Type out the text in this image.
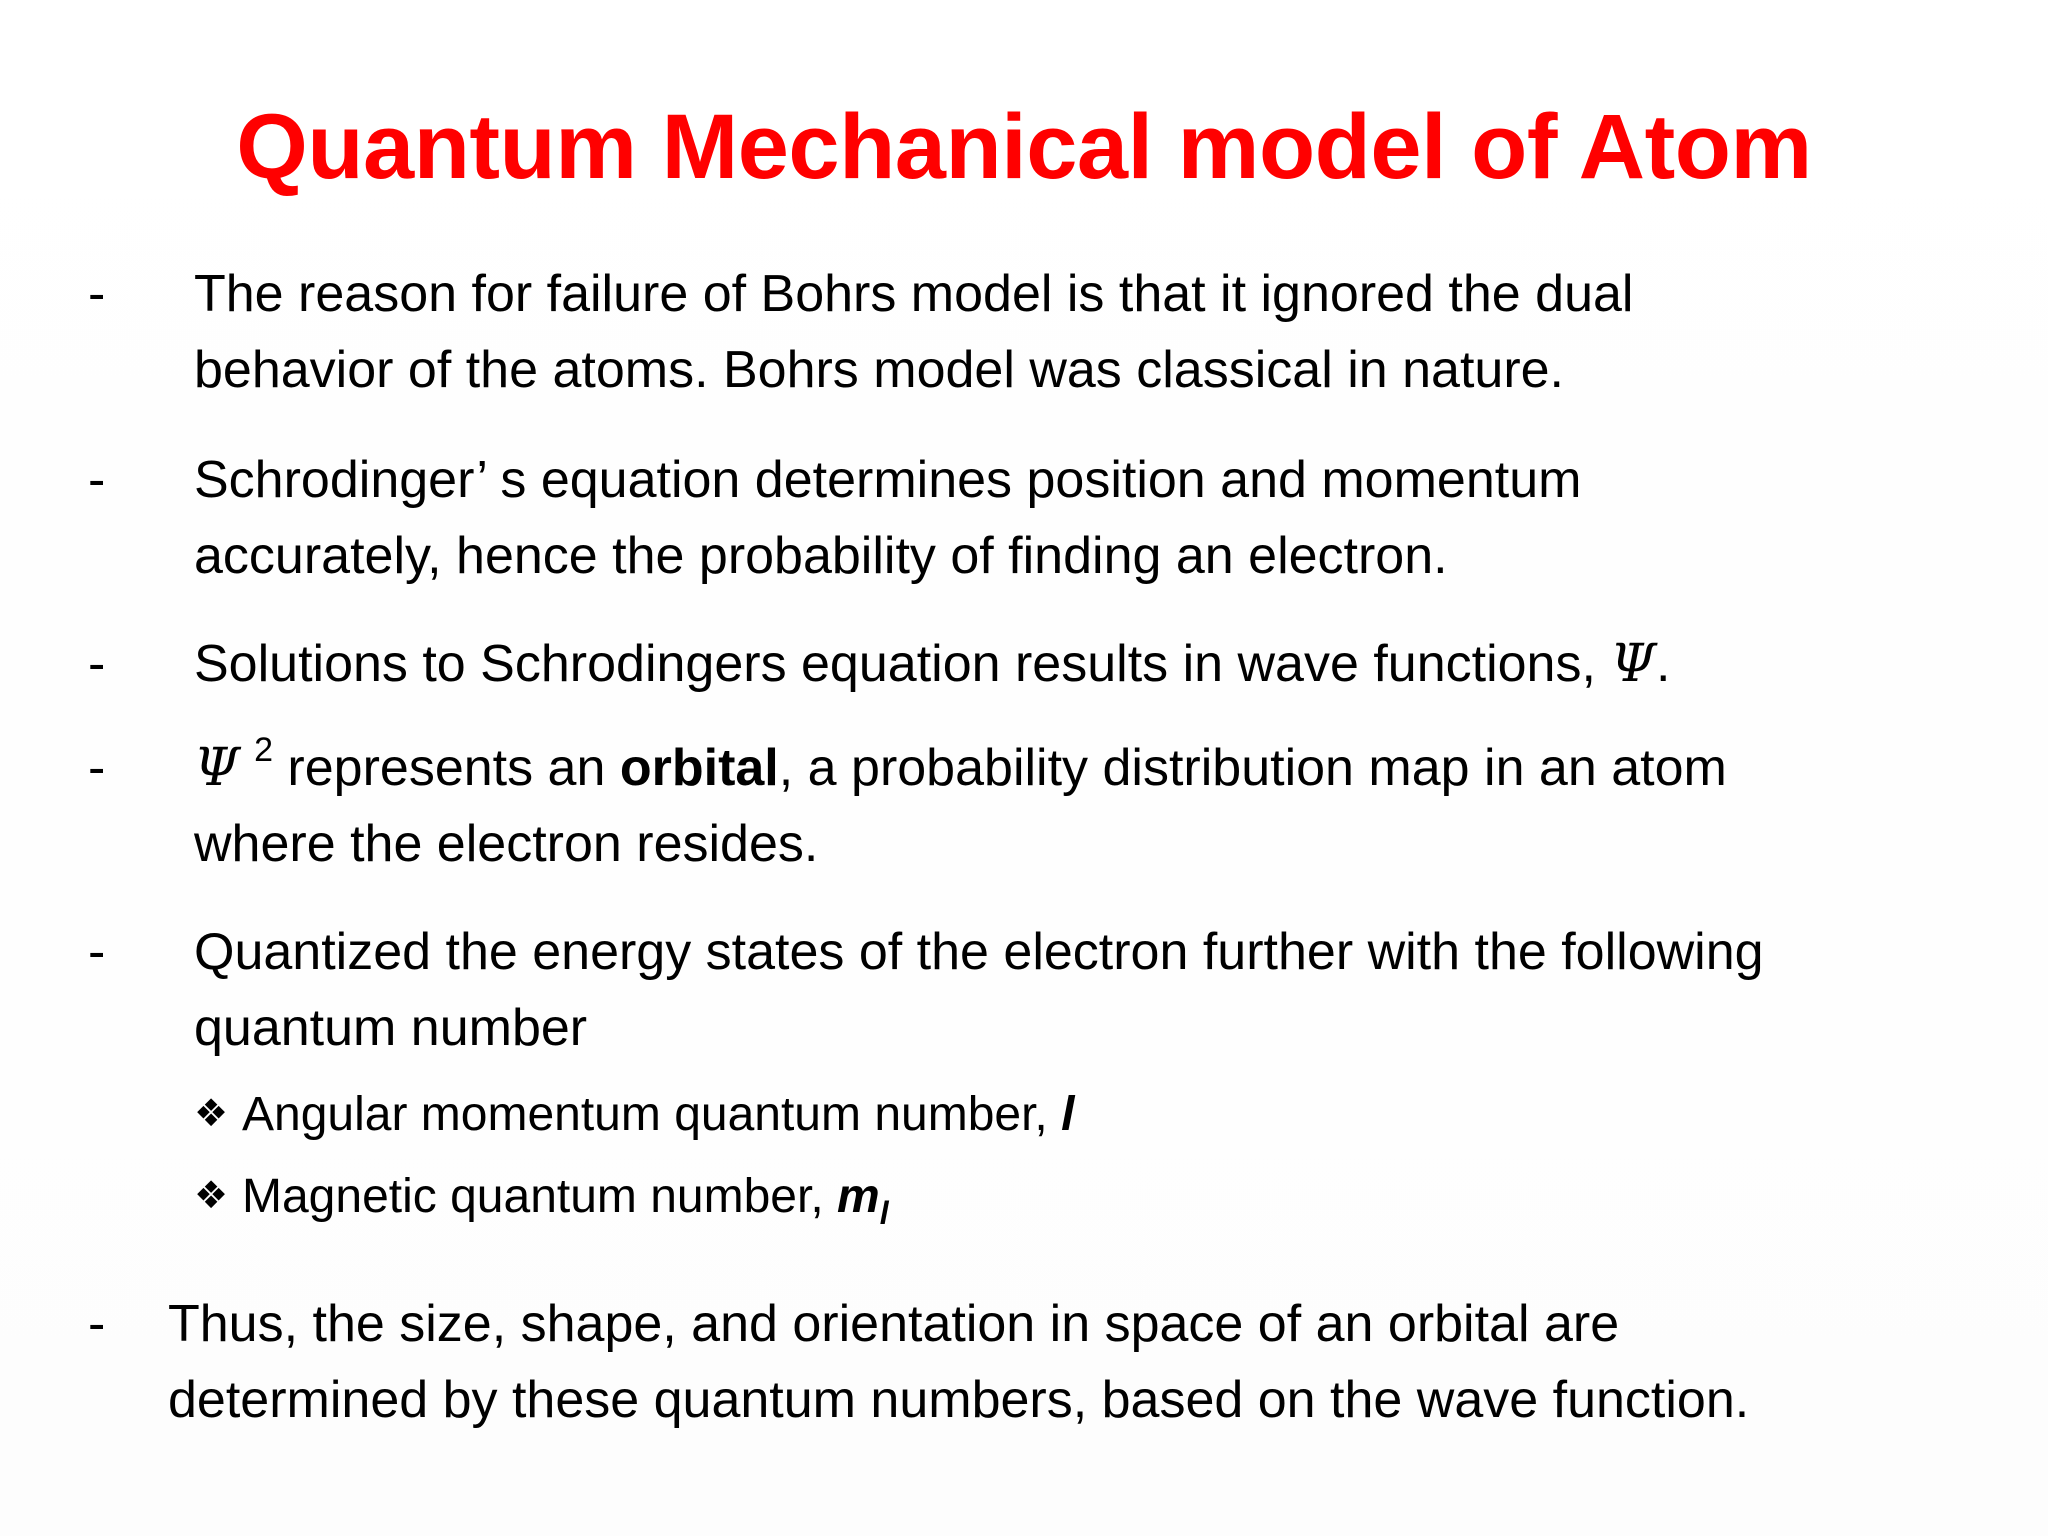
Quantum Mechanical model of Atom
-	The reason for failure of Bohrs model is that it ignored the dual
behavior of the atoms. Bohrs model was classical in nature.
-	Schrodinger’ s equation determines position and momentum
accurately, hence the probability of finding an electron.
-	Solutions to Schrodingers equation results in wave functions, Ψ.
-	Ψ $^2$ represents an orbital, a probability distribution map in an atom
where the electron resides.
-	Quantized the energy states of the electron further with the following
quantum number
❖ Angular momentum quantum number, l
❖ Magnetic quantum number, $m_l$
-	Thus, the size, shape, and orientation in space of an orbital are
determined by these quantum numbers, based on the wave function.
